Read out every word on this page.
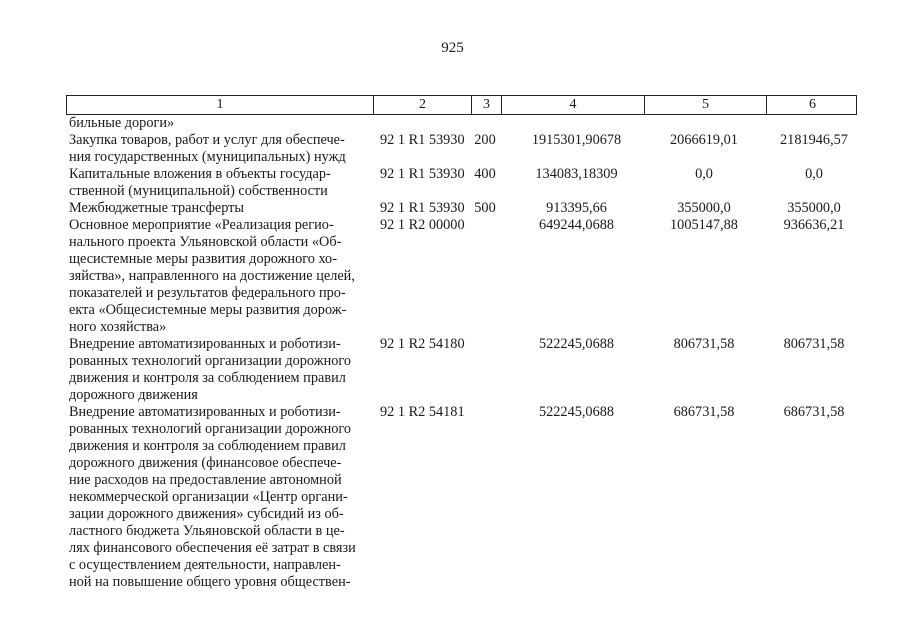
925
1	2	3	4	5	6
бильные дороги»
Закупка товаров, работ и услуг для обеспече-
ния государственных (муниципальных) нужд
92 1 R1 53930 200	1915301,90678	2066619,01	2181946,57
Капитальные вложения в объекты государ-
ственной (муниципальной) собственности
92 1 R1 53930 400	134083,18309	0,0	0,0
Межбюджетные трансферты	92 1 R1 53930 500	913395,66	355000,0	355000,0
Основное мероприятие «Реализация регио-
нального проекта Ульяновской области «Об-
щесистемные меры развития дорожного хо-
зяйства», направленного на достижение целей,
показателей и результатов федерального про-
екта «Общесистемные меры развития дорож-
ного хозяйства»
92 1 R2 00000	649244,0688	1005147,88	936636,21
Внедрение автоматизированных и роботизи-
рованных технологий организации дорожного
движения и контроля за соблюдением правил
дорожного движения
92 1 R2 54180	522245,0688	806731,58	806731,58
Внедрение автоматизированных и роботизи-
рованных технологий организации дорожного
движения и контроля за соблюдением правил
дорожного движения (финансовое обеспече-
ние расходов на предоставление автономной
некоммерческой организации «Центр органи-
зации дорожного движения» субсидий из об-
ластного бюджета Ульяновской области в це-
лях финансового обеспечения её затрат в связи
с осуществлением деятельности, направлен-
ной на повышение общего уровня обществен-
92 1 R2 54181	522245,0688	686731,58	686731,58
